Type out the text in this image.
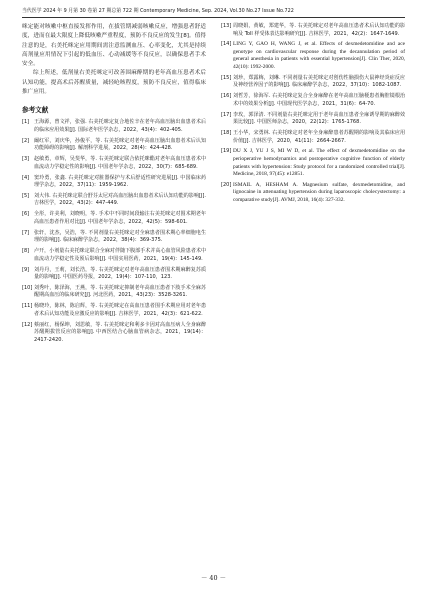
当代医学 2024 年 9 月第 30 卷第 27 期总第 722 期 Contemporary Medicine, Sep. 2024, Vol.30 No.27 Issue No.722

咪定能对咳嗽中枢直接发挥作用，在拔管期减弱咳嗽反应，增强患者舒适度，进而在最大限度上降低咳嗽严重程度，预防不良反应的发生[8]。值得注意的是，右美托咪定应用期间需注意监测血压、心率变化，尤其是持续高剂量应用情况下引起的低血压、心动减缓等不良反应，以确保患者手术安全。

综上所述，低剂量右美托咪定可改善围麻醉期的老年高血压患者术后认知功能，提高术后苏醒质量，减轻呛咳程度，预防不良反应，值得临床推广应用。

参考文献
[1] 王海源，曾文祥，张强. 右美托咪定复合地佐辛在老年高血压脑出血患者术后的临床应用效果[J]. 国际老年医学杂志，2022，43(4)：402-405.
[2] 阚红军，刘庆华，孙俊平，等. 右美托咪定对老年高血压脑出血患者术后认知功能障碍的影响[J]. 解剖科学进展，2022，28(4)：424-428.
[3] 赵敏勇，章辉，吴斐华，等. 右美托咪定联合依托咪酯对老年高血压患者术中血流动力学稳定性的影响[J]. 中国老年学杂志，2022，30(7)：685-689.
[4] 窦玲勇，张鑫. 右美托咪定对脏器保护与术后舒适性研究进展[J]. 中国临床药理学杂志，2022，37(11)：1959-1962.
[5] 刘大伟. 右美托咪定联合舒芬太尼对高血压脑出血患者术后认知功能的影响[J]. 吉林医学，2022，43(2)：447-449.
[6] 全彤，许美利，刘晓明，等. 手术中不同时间段输注右美托咪定对围术期老年高血压患者作用对比[J]. 中国老年学杂志，2022，42(5)：598-601.
[7] 张轩，沈杰，吴浩，等. 不同剂量右美托咪定对全麻患者围术期心率细胞电生理的影响[J]. 临床麻醉学杂志，2022，38(4)：369-375.
[8] 卢开，小剂量右美托咪定联合全麻对伴随下腹部手术并高心血管风险患者术中血流动力学稳定性及预后影响[J]. 中国实用医药，2021，19(4)：145-149.
[9] 刘丹丹，王莉，刘长浩，等. 右美托咪定对老年高血压患者围术期麻醉复苏质量的影响[J]. 中国医药导报，2022，19(4)：107-110，123.
[10] 刘秀叶，陈泽海，王燕，等. 右美托咪定抑制老年高血压患者下肢手术全麻苏醒期高血压的临床研究[J]. 河北医药，2021，43(23)：3528-3261.
[11] 杨晓玲，陈林，陈启辉，等. 右美托咪定在高血压患者围手术期应用对老年患者术后认知功能及应激反应的影响[J]. 吉林医学，2021，42(3)：621-622.
[12] 蔡丽红，杨保坤，刘思敏，等. 右美托咪定和利多卡因对高血压病人全身麻醉苏醒期拔管反应的影响[J]. 中西医结合心脑血管病杂志，2021，19(14)：2417-2420.
[13] 周晓娟，黄敏，郑建华，等. 右美托咪定对老年高血压患者术后认知功能的影响及 Toll 样受体表达影响研究[J]. 吉林医学，2021，42(2)：1647-1649.
[14] LING Y, GAO H, WANG J, et al. Effects of dexmedetomidine and ace genotype on cardiovascular response during the decannulation period of general anesthesia in patients with essential hypertension[J]. Clin Ther, 2020, 42(10): 1992-2000.
[15] 刘珍，郑露梅，刘琳. 不同剂量右美托咪定对创伤性脑损伤大鼠神经炎症反应及神经营养因子的影响[J]. 临床麻醉学杂志，2022，37(10)：1082-1087.
[16] 刘哲芳，徐海军. 右美托咪定复合全身麻醉在老年高血压脑梗患者胸腔镜根治术中的效果分析[J]. 中国现代医学杂志，2021，31(6)：64-70.
[17] 李玫，郭泽清. 不同剂量右美托咪定用于老年高血压患者全麻诱导期的麻醉效果比较[J]. 中国医师杂志，2020，22(12)：1765-1768.
[18] 王小华，宋勇林. 右美托咪定对老年全身麻醉患者苏醒期的影响及其临床应用价值[J]. 吉林医学，2020，41(11)：2664-2667.
[19] DU X J, YU J S, MI W D, et al. The effect of dexmedetomidine on the perioperative hemodynamics and postoperative cognitive function of elderly patients with hypertension: Study protocol for a randomized controlled trial[J]. Medicine, 2018, 97(45): e12851.
[20] ISMAIL A, HESHAM A. Magnesium sulfate, dexmedetomidine, and lignocaine in attenuating hypertension during laparoscopic cholecystectomy: a comparative study[J]. AVMJ, 2018, 16(4): 327-332.
－ 40 －
